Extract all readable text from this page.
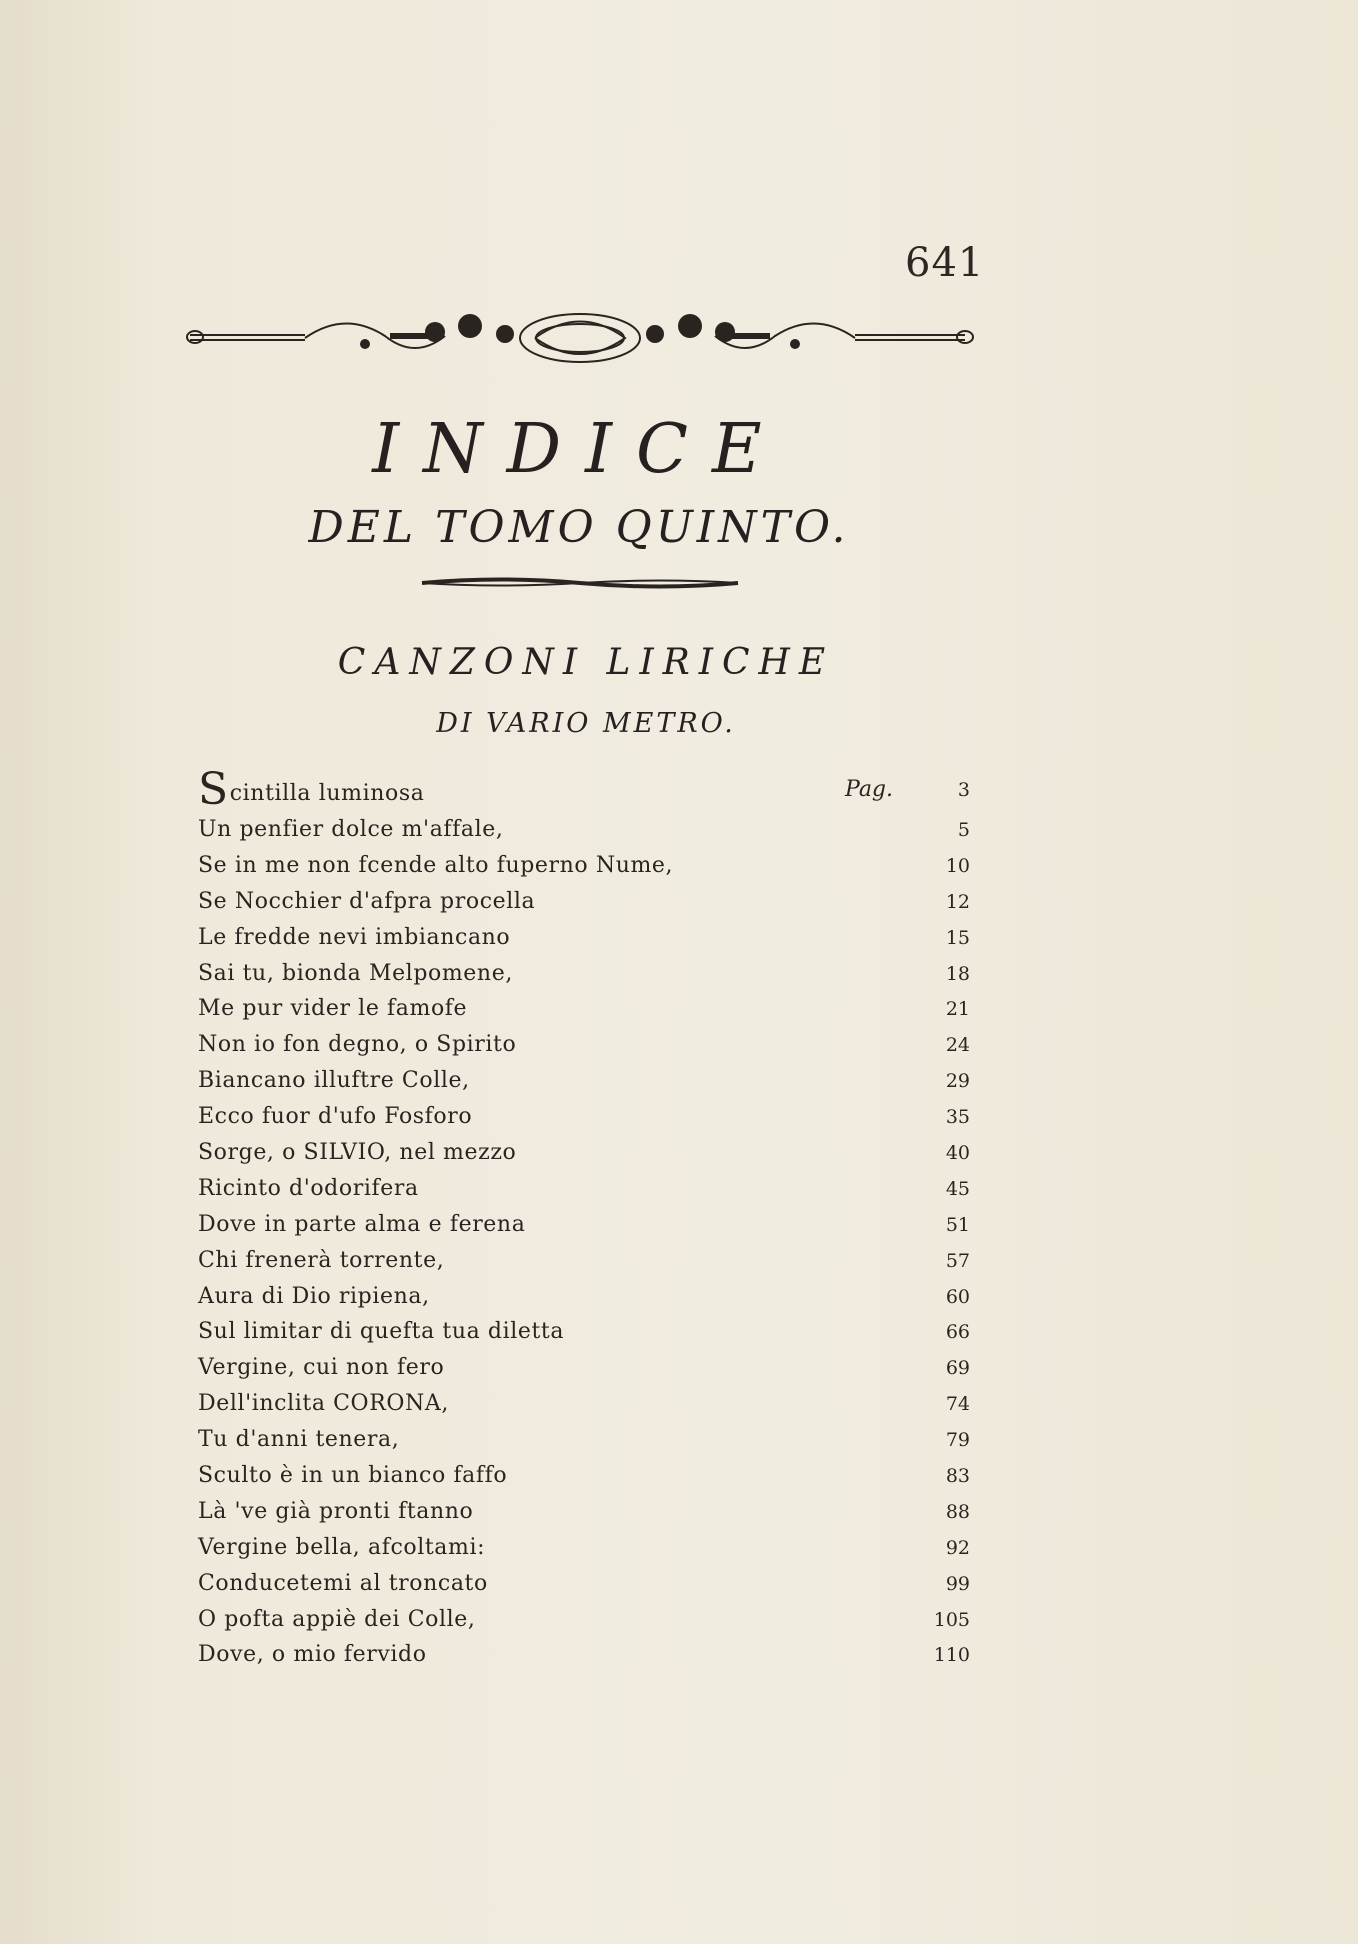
641
INDICE
DEL TOMO QUINTO.
CANZONI LIRICHE
DI VARIO METRO.
Scintilla luminosa	Pag.	3
Un penfier dolce m'affale,	5
Se in me non fcende alto fuperno Nume,	10
Se Nocchier d'afpra procella	12
Le fredde nevi imbiancano	15
Sai tu, bionda Melpomene,	18
Me pur vider le famofe	21
Non io fon degno, o Spirito	24
Biancano illuftre Colle,	29
Ecco fuor d'ufo Fosforo	35
Sorge, o SILVIO, nel mezzo	40
Ricinto d'odorifera	45
Dove in parte alma e ferena	51
Chi frenerà torrente,	57
Aura di Dio ripiena,	60
Sul limitar di quefta tua diletta	66
Vergine, cui non fero	69
Dell'inclita CORONA,	74
Tu d'anni tenera,	79
Sculto è in un bianco faffo	83
Là 've già pronti ftanno	88
Vergine bella, afcoltami:	92
Conducetemi al troncato	99
O pofta appiè dei Colle,	105
Dove, o mio fervido	110
